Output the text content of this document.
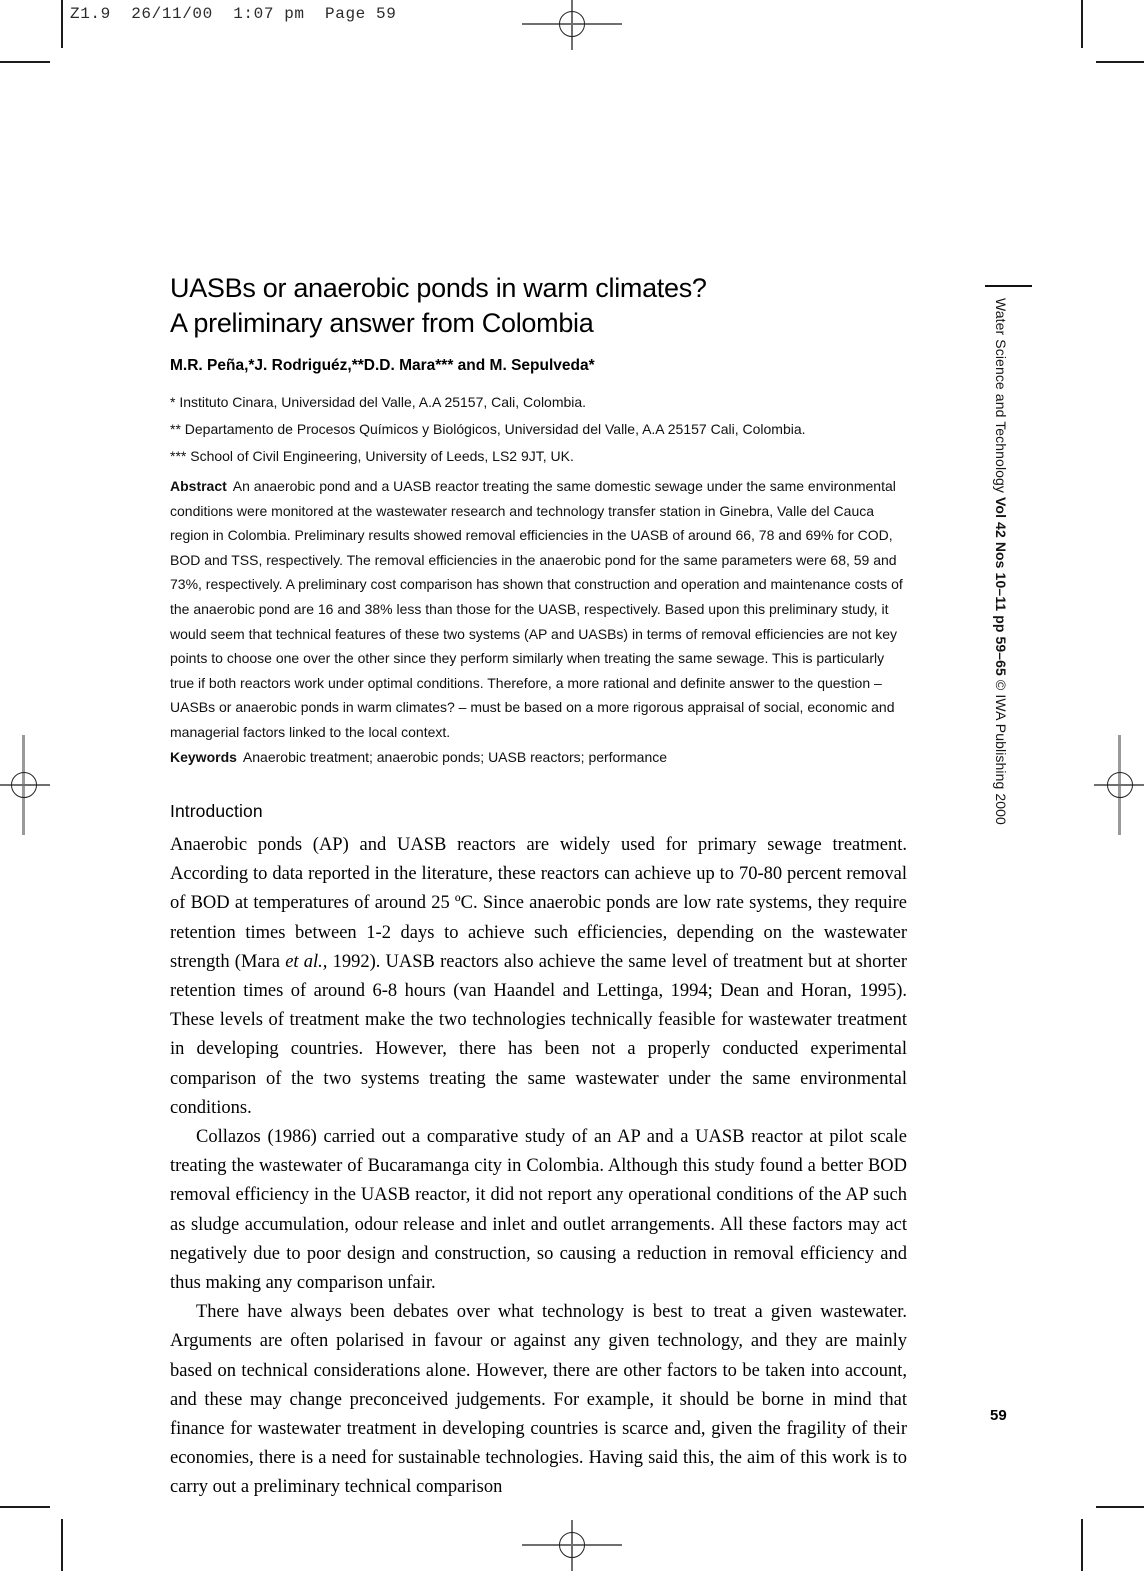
Z1.9  26/11/00  1:07 pm  Page 59
Water Science and Technology Vol 42 Nos 10–11 pp 59–65 © IWA Publishing 2000
59
UASBs or anaerobic ponds in warm climates?
A preliminary answer from Colombia
M.R. Peña,*J. Rodriguéz,**D.D. Mara*** and M. Sepulveda*
* Instituto Cinara, Universidad del Valle, A.A 25157, Cali, Colombia.
** Departamento de Procesos Químicos y Biológicos, Universidad del Valle, A.A 25157 Cali, Colombia.
*** School of Civil Engineering, University of Leeds, LS2 9JT, UK.

Abstract An anaerobic pond and a UASB reactor treating the same domestic sewage under the same environmental conditions were monitored at the wastewater research and technology transfer station in Ginebra, Valle del Cauca region in Colombia. Preliminary results showed removal efficiencies in the UASB of around 66, 78 and 69% for COD, BOD and TSS, respectively. The removal efficiencies in the anaerobic pond for the same parameters were 68, 59 and 73%, respectively. A preliminary cost comparison has shown that construction and operation and maintenance costs of the anaerobic pond are 16 and 38% less than those for the UASB, respectively. Based upon this preliminary study, it would seem that technical features of these two systems (AP and UASBs) in terms of removal efficiencies are not key points to choose one over the other since they perform similarly when treating the same sewage. This is particularly true if both reactors work under optimal conditions. Therefore, a more rational and definite answer to the question – UASBs or anaerobic ponds in warm climates? – must be based on a more rigorous appraisal of social, economic and managerial factors linked to the local context.

Keywords Anaerobic treatment; anaerobic ponds; UASB reactors; performance

Introduction

Anaerobic ponds (AP) and UASB reactors are widely used for primary sewage treatment. According to data reported in the literature, these reactors can achieve up to 70-80 percent removal of BOD at temperatures of around 25 ºC. Since anaerobic ponds are low rate systems, they require retention times between 1-2 days to achieve such efficiencies, depending on the wastewater strength (Mara et al., 1992). UASB reactors also achieve the same level of treatment but at shorter retention times of around 6-8 hours (van Haandel and Lettinga, 1994; Dean and Horan, 1995). These levels of treatment make the two technologies technically feasible for wastewater treatment in developing countries. However, there has been not a properly conducted experimental comparison of the two systems treating the same wastewater under the same environmental conditions.

Collazos (1986) carried out a comparative study of an AP and a UASB reactor at pilot scale treating the wastewater of Bucaramanga city in Colombia. Although this study found a better BOD removal efficiency in the UASB reactor, it did not report any operational conditions of the AP such as sludge accumulation, odour release and inlet and outlet arrangements. All these factors may act negatively due to poor design and construction, so causing a reduction in removal efficiency and thus making any comparison unfair.

There have always been debates over what technology is best to treat a given wastewater. Arguments are often polarised in favour or against any given technology, and they are mainly based on technical considerations alone. However, there are other factors to be taken into account, and these may change preconceived judgements. For example, it should be borne in mind that finance for wastewater treatment in developing countries is scarce and, given the fragility of their economies, there is a need for sustainable technologies. Having said this, the aim of this work is to carry out a preliminary technical comparison
